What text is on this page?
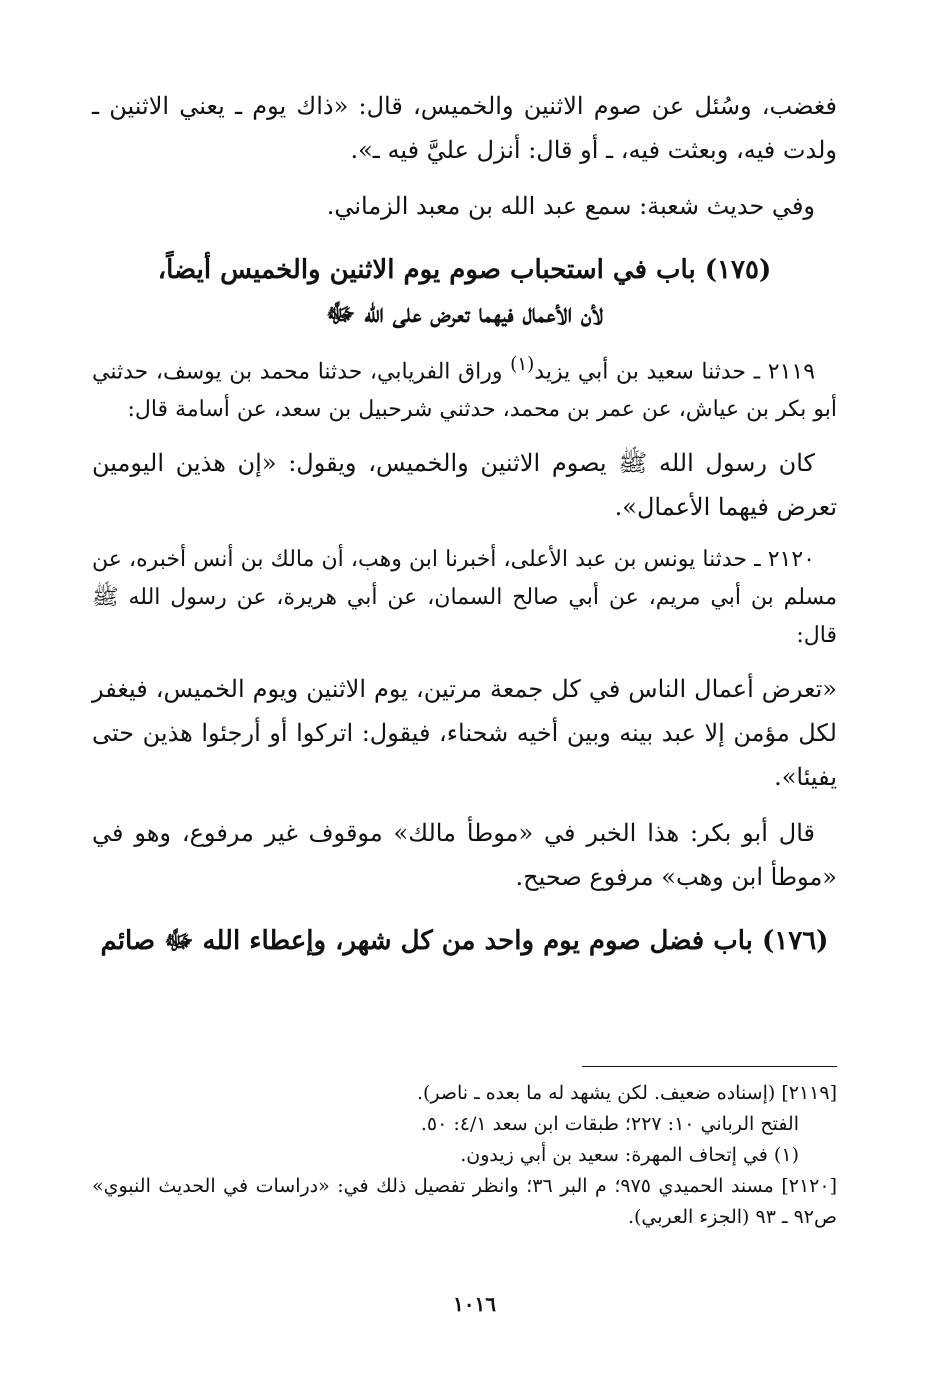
فغضب، وسُئل عن صوم الاثنين والخميس، قال: «ذاك يوم ـ يعني الاثنين ـ ولدت فيه، وبعثت فيه، ـ أو قال: أنزل عليَّ فيه ـ».

وفي حديث شعبة: سمع عبد الله بن معبد الزماني.

(١٧٥) باب في استحباب صوم يوم الاثنين والخميس أيضاً،
لأن الأعمال فيهما تعرض على الله ﷻ

٢١١٩ ـ حدثنا سعيد بن أبي يزيد$^{(١)}$ وراق الفريابي، حدثنا محمد بن يوسف، حدثني أبو بكر بن عياش، عن عمر بن محمد، حدثني شرحبيل بن سعد، عن أسامة قال:

كان رسول الله ﷺ يصوم الاثنين والخميس، ويقول: «إن هذين اليومين تعرض فيهما الأعمال».

٢١٢٠ ـ حدثنا يونس بن عبد الأعلى، أخبرنا ابن وهب، أن مالك بن أنس أخبره، عن مسلم بن أبي مريم، عن أبي صالح السمان، عن أبي هريرة، عن رسول الله ﷺ قال:

«تعرض أعمال الناس في كل جمعة مرتين، يوم الاثنين ويوم الخميس، فيغفر لكل مؤمن إلا عبد بينه وبين أخيه شحناء، فيقول: اتركوا أو أرجئوا هذين حتى يفيئا».

قال أبو بكر: هذا الخبر في «موطأ مالك» موقوف غير مرفوع، وهو في «موطأ ابن وهب» مرفوع صحيح.

(١٧٦) باب فضل صوم يوم واحد من كل شهر، وإعطاء الله ﷻ صائم

[٢١١٩] (إسناده ضعيف. لكن يشهد له ما بعده ـ ناصر).

الفتح الرباني ١٠: ٢٢٧؛ طبقات ابن سعد ٤/١: ٥٠.

(١) في إتحاف المهرة: سعيد بن أبي زيدون.

[٢١٢٠] مسند الحميدي ٩٧٥؛ م البر ٣٦؛ وانظر تفصيل ذلك في: «دراسات في الحديث النبوي» ص٩٢ ـ ٩٣ (الجزء العربي).

١٠١٦
